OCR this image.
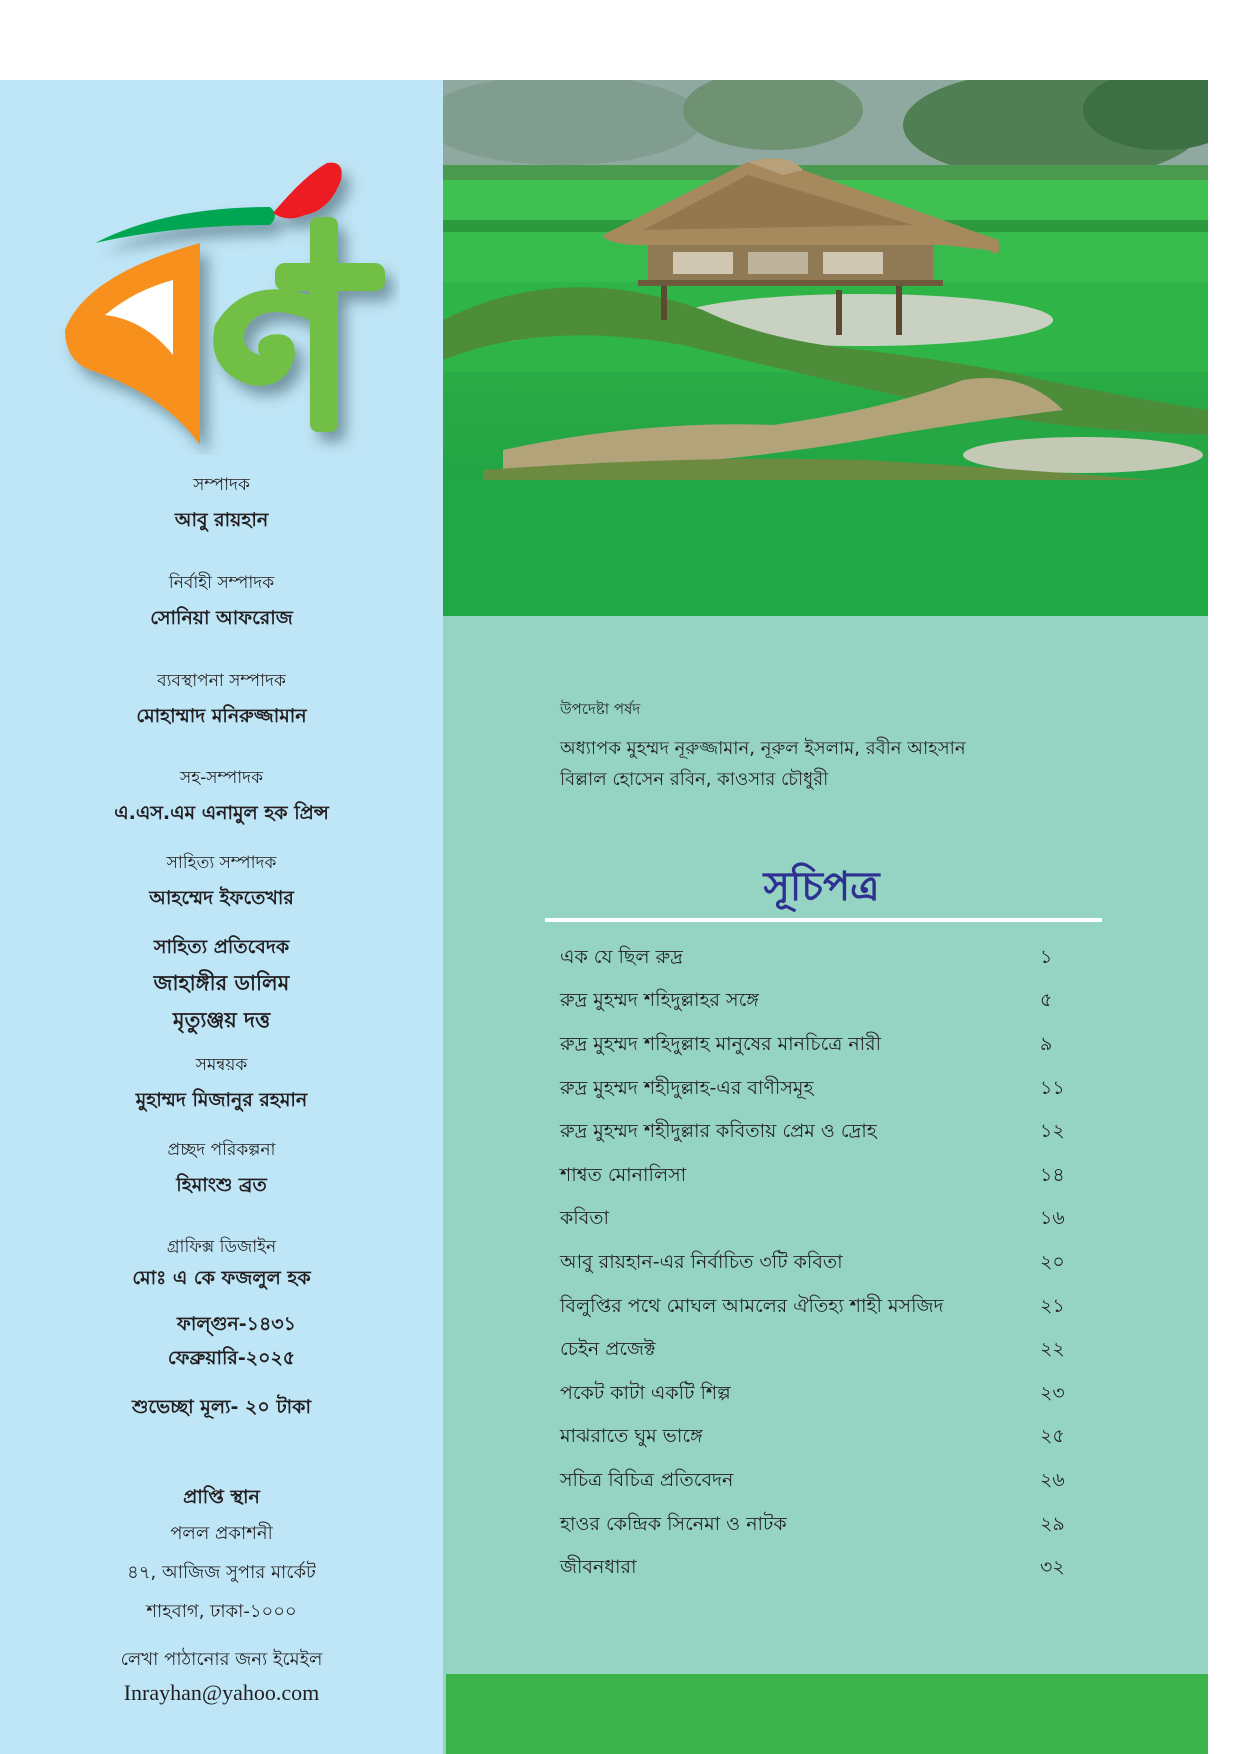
সম্পাদক
আবু রায়হান
নির্বাহী সম্পাদক
সোনিয়া আফরোজ
ব্যবস্থাপনা সম্পাদক
মোহাম্মাদ মনিরুজ্জামান
সহ-সম্পাদক
এ.এস.এম এনামুল হক প্রিন্স
সাহিত্য সম্পাদক
আহম্মেদ ইফতেখার
সাহিত্য প্রতিবেদক
জাহাঙ্গীর ডালিম
মৃত্যুঞ্জয় দত্ত
সমন্বয়ক
মুহাম্মদ মিজানুর রহমান
প্রচ্ছদ পরিকল্পনা
হিমাংশু ব্রত
গ্রাফিক্স ডিজাইন
মোঃ এ কে ফজলুল হক
ফাল্গুন-১৪৩১
ফেব্রুয়ারি-২০২৫
শুভেচ্ছা মূল্য- ২০ টাকা
প্রাপ্তি স্থান
পলল প্রকাশনী
৪৭, আজিজ সুপার মার্কেট
শাহবাগ, ঢাকা-১০০০
লেখা পাঠানোর জন্য ইমেইল
Inrayhan@yahoo.com
উপদেষ্টা পর্ষদ
অধ্যাপক মুহম্মদ নূরুজ্জামান, নূরুল ইসলাম, রবীন আহসান
বিল্লাল হোসেন রবিন, কাওসার চৌধুরী
সূচিপত্র
এক যে ছিল রুদ্র	১
রুদ্র মুহম্মদ শহিদুল্লাহর সঙ্গে	৫
রুদ্র মুহম্মদ শহিদুল্লাহ মানুষের মানচিত্রে নারী	৯
রুদ্র মুহম্মদ শহীদুল্লাহ-এর বাণীসমূহ	১১
রুদ্র মুহম্মদ শহীদুল্লার কবিতায় প্রেম ও দ্রোহ	১২
শাশ্বত মোনালিসা	১৪
কবিতা	১৬
আবু রায়হান-এর নির্বাচিত ৩টি কবিতা	২০
বিলুপ্তির পথে মোঘল আমলের ঐতিহ্য শাহী মসজিদ	২১
চেইন প্রজেক্ট	২২
পকেট কাটা একটি শিল্প	২৩
মাঝরাতে ঘুম ভাঙ্গে	২৫
সচিত্র বিচিত্র প্রতিবেদন	২৬
হাওর কেন্দ্রিক সিনেমা ও নাটক	২৯
জীবনধারা	৩২
